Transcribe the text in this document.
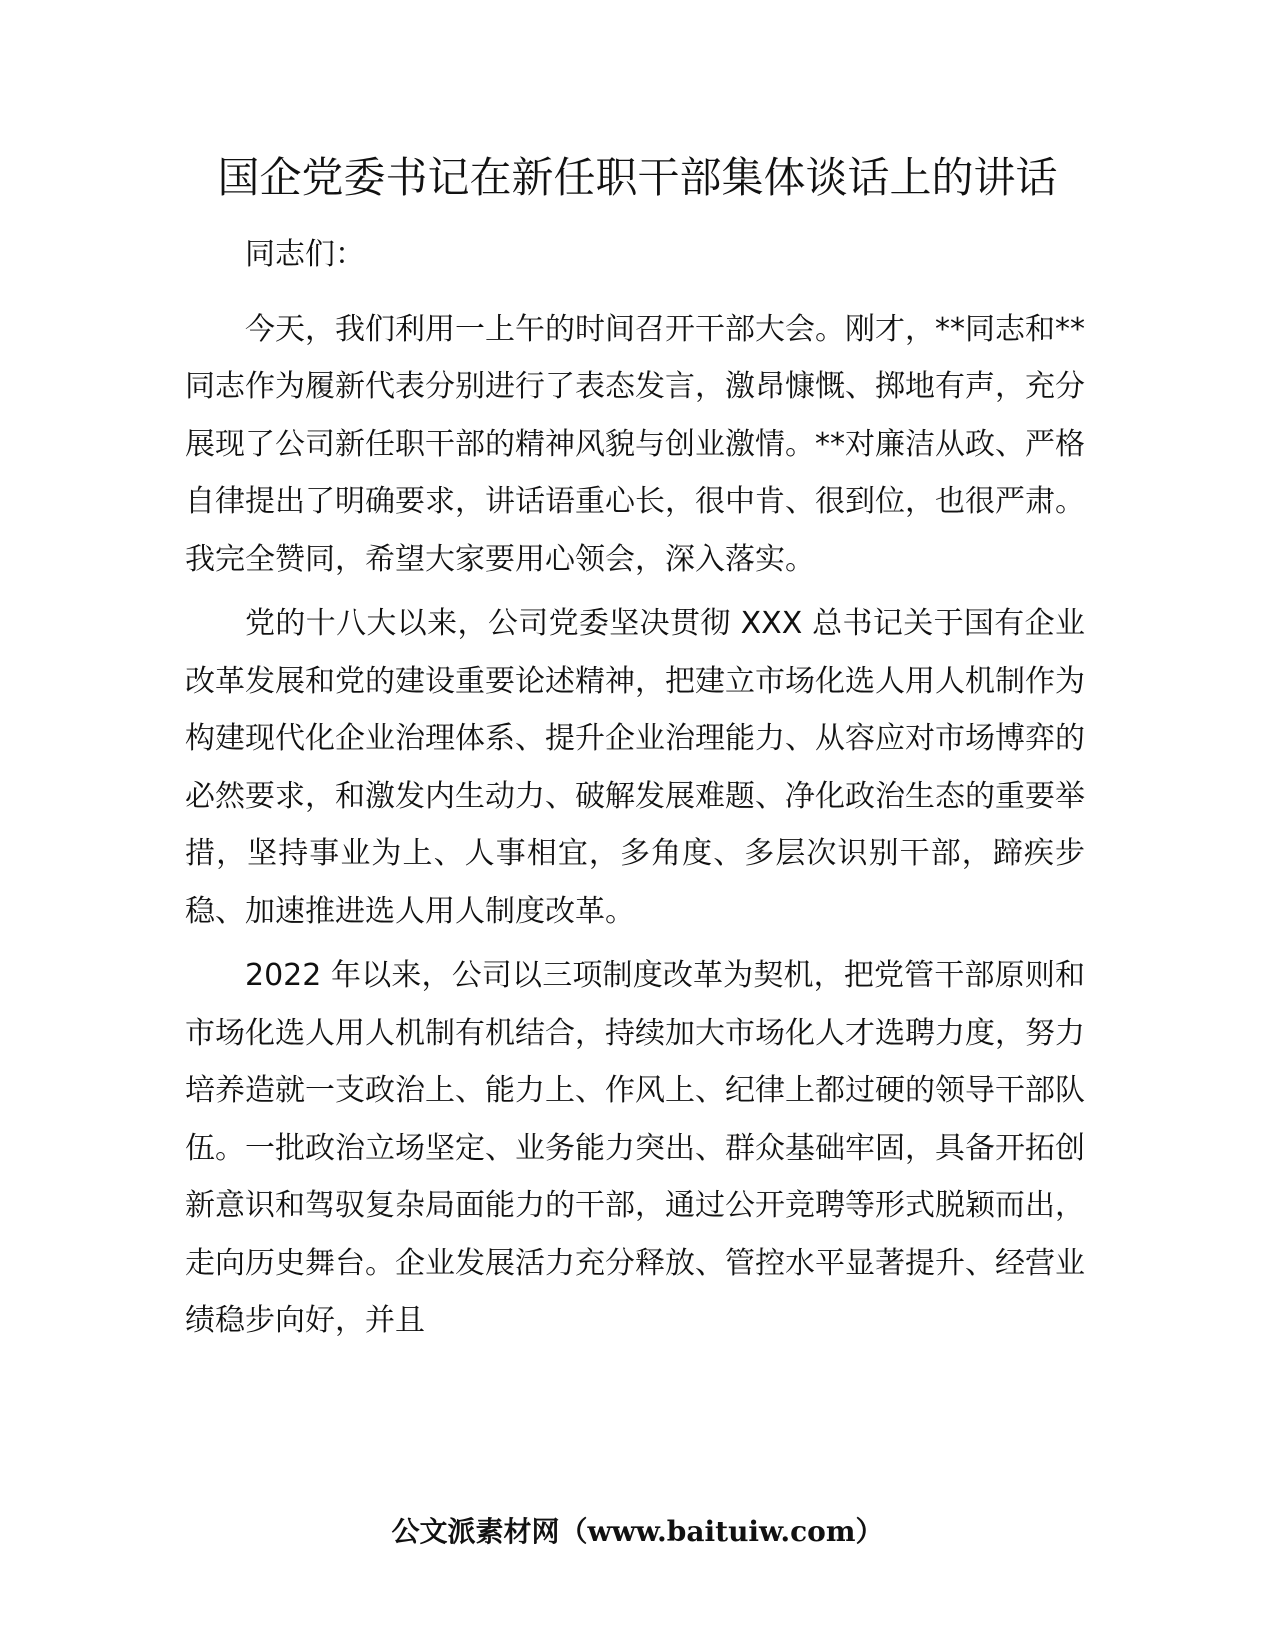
国企党委书记在新任职干部集体谈话上的讲话

同志们：

今天，我们利用一上午的时间召开干部大会。刚才，**同志和**同志作为履新代表分别进行了表态发言，激昂慷慨、掷地有声，充分展现了公司新任职干部的精神风貌与创业激情。**对廉洁从政、严格自律提出了明确要求，讲话语重心长，很中肯、很到位，也很严肃。我完全赞同，希望大家要用心领会，深入落实。

党的十八大以来，公司党委坚决贯彻 XXX 总书记关于国有企业改革发展和党的建设重要论述精神，把建立市场化选人用人机制作为构建现代化企业治理体系、提升企业治理能力、从容应对市场博弈的必然要求，和激发内生动力、破解发展难题、净化政治生态的重要举措，坚持事业为上、人事相宜，多角度、多层次识别干部，蹄疾步稳、加速推进选人用人制度改革。

2022 年以来，公司以三项制度改革为契机，把党管干部原则和市场化选人用人机制有机结合，持续加大市场化人才选聘力度，努力培养造就一支政治上、能力上、作风上、纪律上都过硬的领导干部队伍。一批政治立场坚定、业务能力突出、群众基础牢固，具备开拓创新意识和驾驭复杂局面能力的干部，通过公开竞聘等形式脱颖而出，走向历史舞台。企业发展活力充分释放、管控水平显著提升、经营业绩稳步向好，并且

公文派素材网（www.baituiw.com）
